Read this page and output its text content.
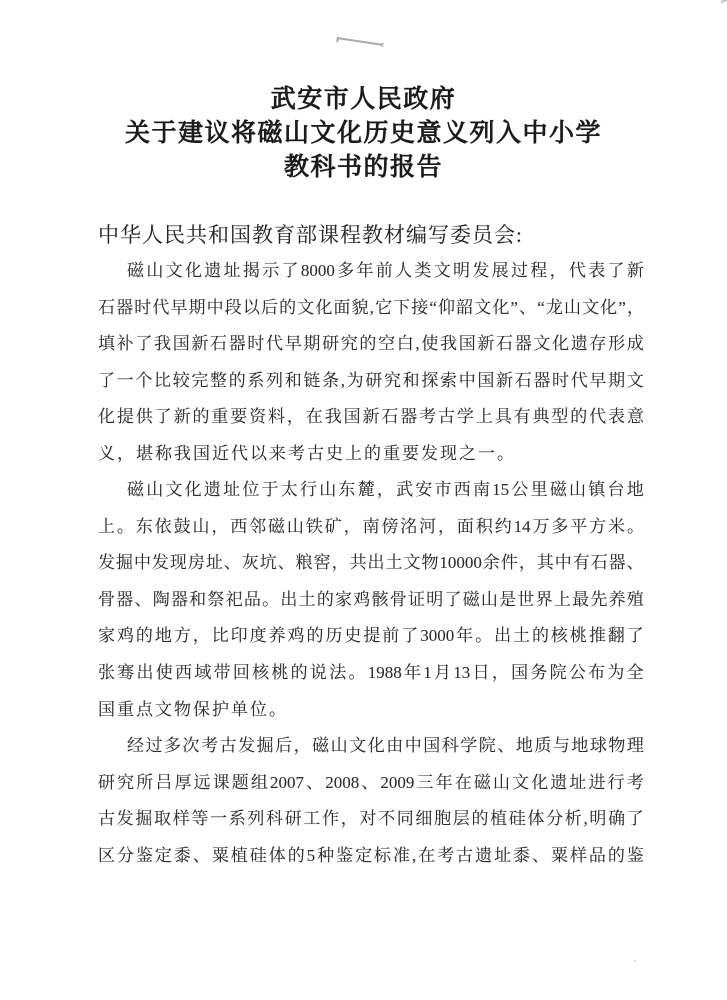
武安市人民政府
关于建议将磁山文化历史意义列入中小学
教科书的报告
中华人民共和国教育部课程教材编写委员会:
磁 山 文 化 遗 址 揭 示 了 8000 多 年 前 人 类 文 明 发 展 过 程 ， 代 表 了 新
石 器 时 代 早 期 中 段 以 后 的 文 化 面 貌 , 它 下 接 “ 仰 韶 文 化 ” 、 “ 龙 山 文 化 ” ，
填 补 了 我 国 新 石 器 时 代 早 期 研 究 的 空 白 , 使 我 国 新 石 器 文 化 遗 存 形 成
了 一 个 比 较 完 整 的 系 列 和 链 条 , 为 研 究 和 探 索 中 国 新 石 器 时 代 早 期 文
化 提 供 了 新 的 重 要 资 料 ， 在 我 国 新 石 器 考 古 学 上 具 有 典 型 的 代 表 意
义，堪称我国近代以来考古史上的重要发现之一。
磁 山 文 化 遗 址 位 于 太 行 山 东 麓 ， 武 安 市 西 南 15 公 里 磁 山 镇 台 地
上 。 东 依 鼓 山 ， 西 邻 磁 山 铁 矿 ， 南 傍 洺 河 ， 面 积 约 14 万 多 平 方 米 。
发 掘 中 发 现 房 址 、 灰 坑 、 粮 窖 ， 共 出 土 文 物 10000 余 件 ， 其 中 有 石 器 、
骨 器 、 陶 器 和 祭 祀 品 。 出 土 的 家 鸡 骸 骨 证 明 了 磁 山 是 世 界 上 最 先 养 殖
家 鸡 的 地 方 ， 比 印 度 养 鸡 的 历 史 提 前 了 3000 年 。 出 土 的 核 桃 推 翻 了
张 骞 出 使 西 域 带 回 核 桃 的 说 法 。 1988 年 1 月 13 日 ， 国 务 院 公 布 为 全
国重点文物保护单位。
经 过 多 次 考 古 发 掘 后 ， 磁 山 文 化 由 中 国 科 学 院 、 地 质 与 地 球 物 理
研 究 所 吕 厚 远 课 题 组 2007 、 2008 、 2009 三 年 在 磁 山 文 化 遗 址 进 行 考
古 发 掘 取 样 等 一 系 列 科 研 工 作 ， 对 不 同 细 胞 层 的 植 硅 体 分 析 , 明 确 了
区 分 鉴 定 黍 、 粟 植 硅 体 的 5 种 鉴 定 标 准 , 在 考 古 遗 址 黍 、 粟 样 品 的 鉴
